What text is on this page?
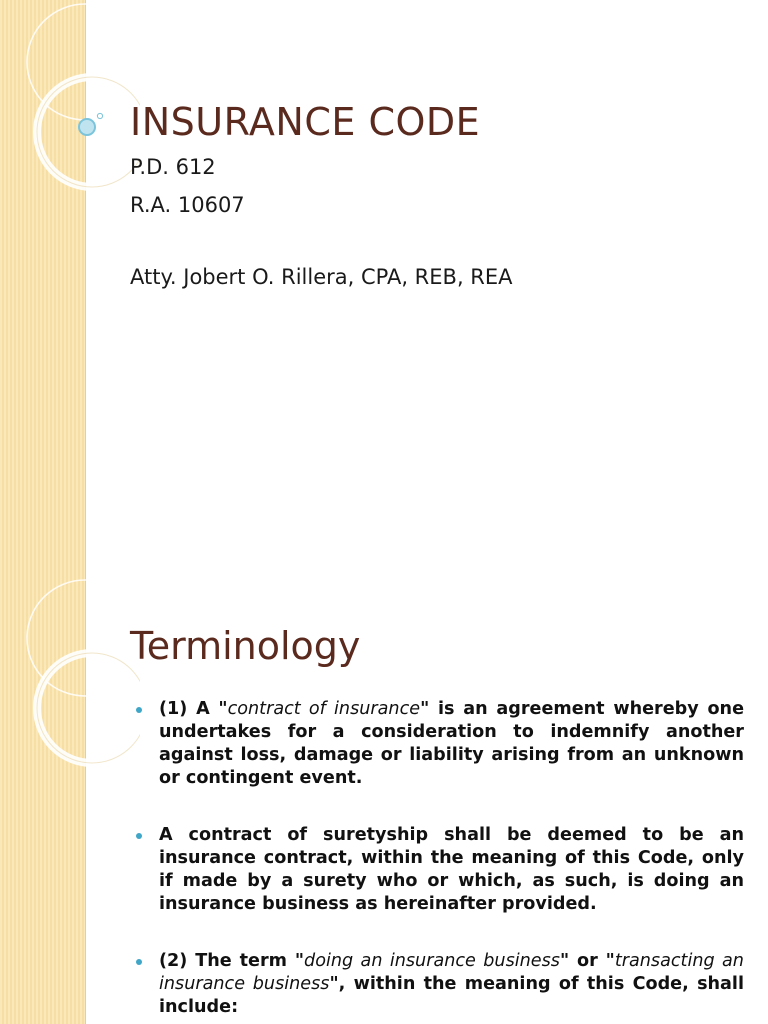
INSURANCE CODE
P.D. 612
R.A. 10607
Atty. Jobert O. Rillera, CPA, REB, REA
Terminology
(1) A "contract of insurance" is an agreement whereby one undertakes for a consideration to indemnify another against loss, damage or liability arising from an unknown or contingent event.
A contract of suretyship shall be deemed to be an insurance contract, within the meaning of this Code, only if made by a surety who or which, as such, is doing an insurance business as hereinafter provided.
(2) The term "doing an insurance business" or "transacting an insurance business", within the meaning of this Code, shall include:
